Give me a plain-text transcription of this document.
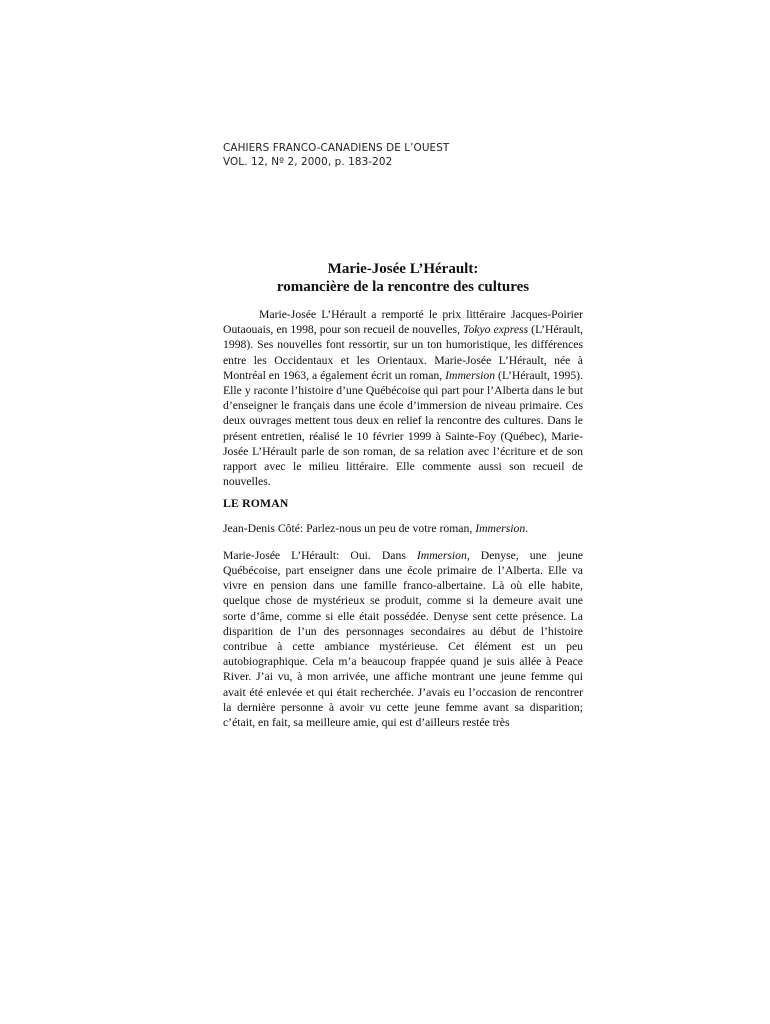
CAHIERS FRANCO-CANADIENS DE L’OUEST
VOL. 12, Nº 2, 2000, p. 183-202
Marie-Josée L’Hérault:
romancière de la rencontre des cultures

Marie-Josée L’Hérault a remporté le prix littéraire Jacques-Poirier Outaouais, en 1998, pour son recueil de nouvelles, Tokyo express (L’Hérault, 1998). Ses nouvelles font ressortir, sur un ton humoristique, les différences entre les Occidentaux et les Orientaux. Marie-Josée L’Hérault, née à Montréal en 1963, a également écrit un roman, Immersion (L’Hérault, 1995). Elle y raconte l’histoire d’une Québécoise qui part pour l’Alberta dans le but d’enseigner le français dans une école d’immersion de niveau primaire. Ces deux ouvrages mettent tous deux en relief la rencontre des cultures. Dans le présent entretien, réalisé le 10 février 1999 à Sainte-Foy (Québec), Marie-Josée L’Hérault parle de son roman, de sa relation avec l’écriture et de son rapport avec le milieu littéraire. Elle commente aussi son recueil de nouvelles.

LE ROMAN

Jean-Denis Côté: Parlez-nous un peu de votre roman, Immersion.

Marie-Josée L’Hérault: Oui. Dans Immersion, Denyse, une jeune Québécoise, part enseigner dans une école primaire de l’Alberta. Elle va vivre en pension dans une famille franco-albertaine. Là où elle habite, quelque chose de mystérieux se produit, comme si la demeure avait une sorte d’âme, comme si elle était possédée. Denyse sent cette présence. La disparition de l’un des personnages secondaires au début de l’histoire contribue à cette ambiance mystérieuse. Cet élément est un peu autobiographique. Cela m’a beaucoup frappée quand je suis allée à Peace River. J’ai vu, à mon arrivée, une affiche montrant une jeune femme qui avait été enlevée et qui était recherchée. J’avais eu l’occasion de rencontrer la dernière personne à avoir vu cette jeune femme avant sa disparition; c’était, en fait, sa meilleure amie, qui est d’ailleurs restée très
